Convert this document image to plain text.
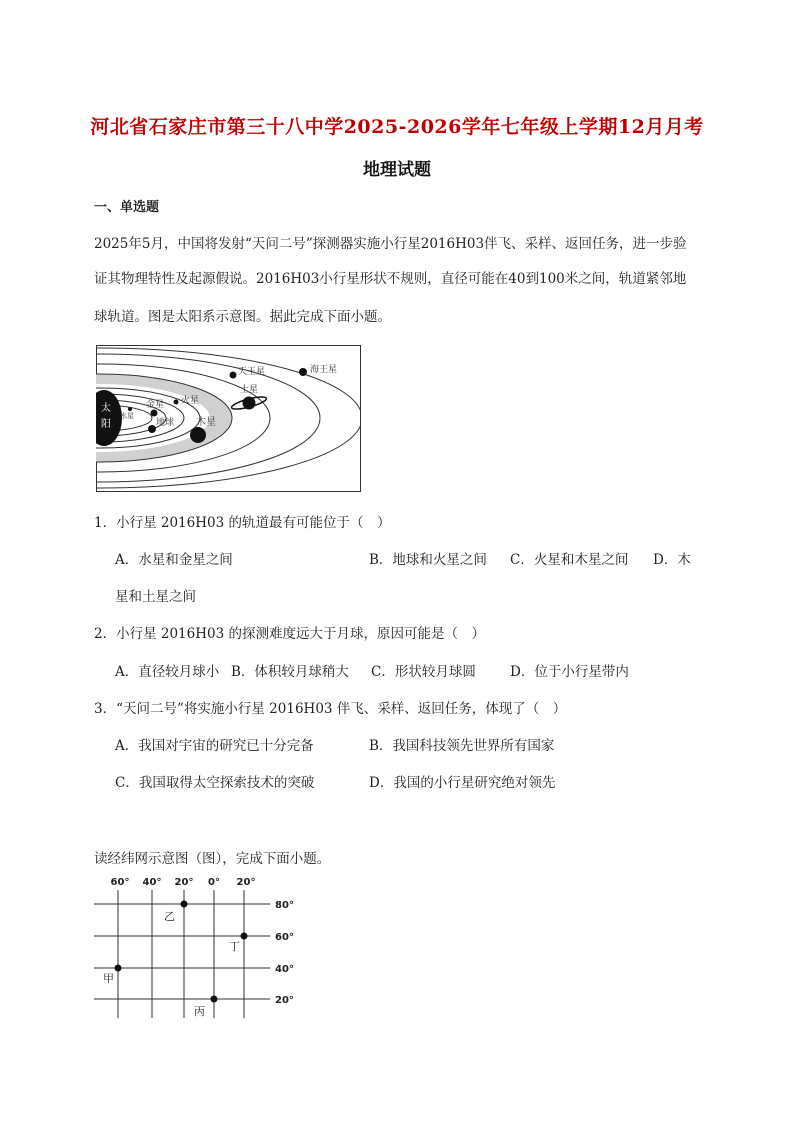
河北省石家庄市第三十八中学2025-2026学年七年级上学期12月月考
地理试题
一、单选题
2025年5月，中国将发射“天问二号”探测器实施小行星2016H03伴飞、采样、返回任务，进一步验
证其物理特性及起源假说。2016H03小行星形状不规则，直径可能在40到100米之间，轨道紧邻地
球轨道。图是太阳系示意图。据此完成下面小题。
太
阳
水星
金星
地球
火星
木星
土星
天王星	海王星
1．小行星 2016H03 的轨道最有可能位于（　）
A．水星和金星之间	B．地球和火星之间 C．火星和木星之间 D．木
星和土星之间
2．小行星 2016H03 的探测难度远大于月球，原因可能是（　）
A．直径较月球小 B．体积较月球稍大 C．形状较月球圆	D．位于小行星带内
3．“天问二号”将实施小行星 2016H03 伴飞、采样、返回任务，体现了（　）
A．我国对宇宙的研究已十分完备	B．我国科技领先世界所有国家
C．我国取得太空探索技术的突破	D．我国的小行星研究绝对领先
读经纬网示意图（图），完成下面小题。
60° 40° 20° 0° 20°
80°
60°
40°
20°
甲
乙
丙
丁
